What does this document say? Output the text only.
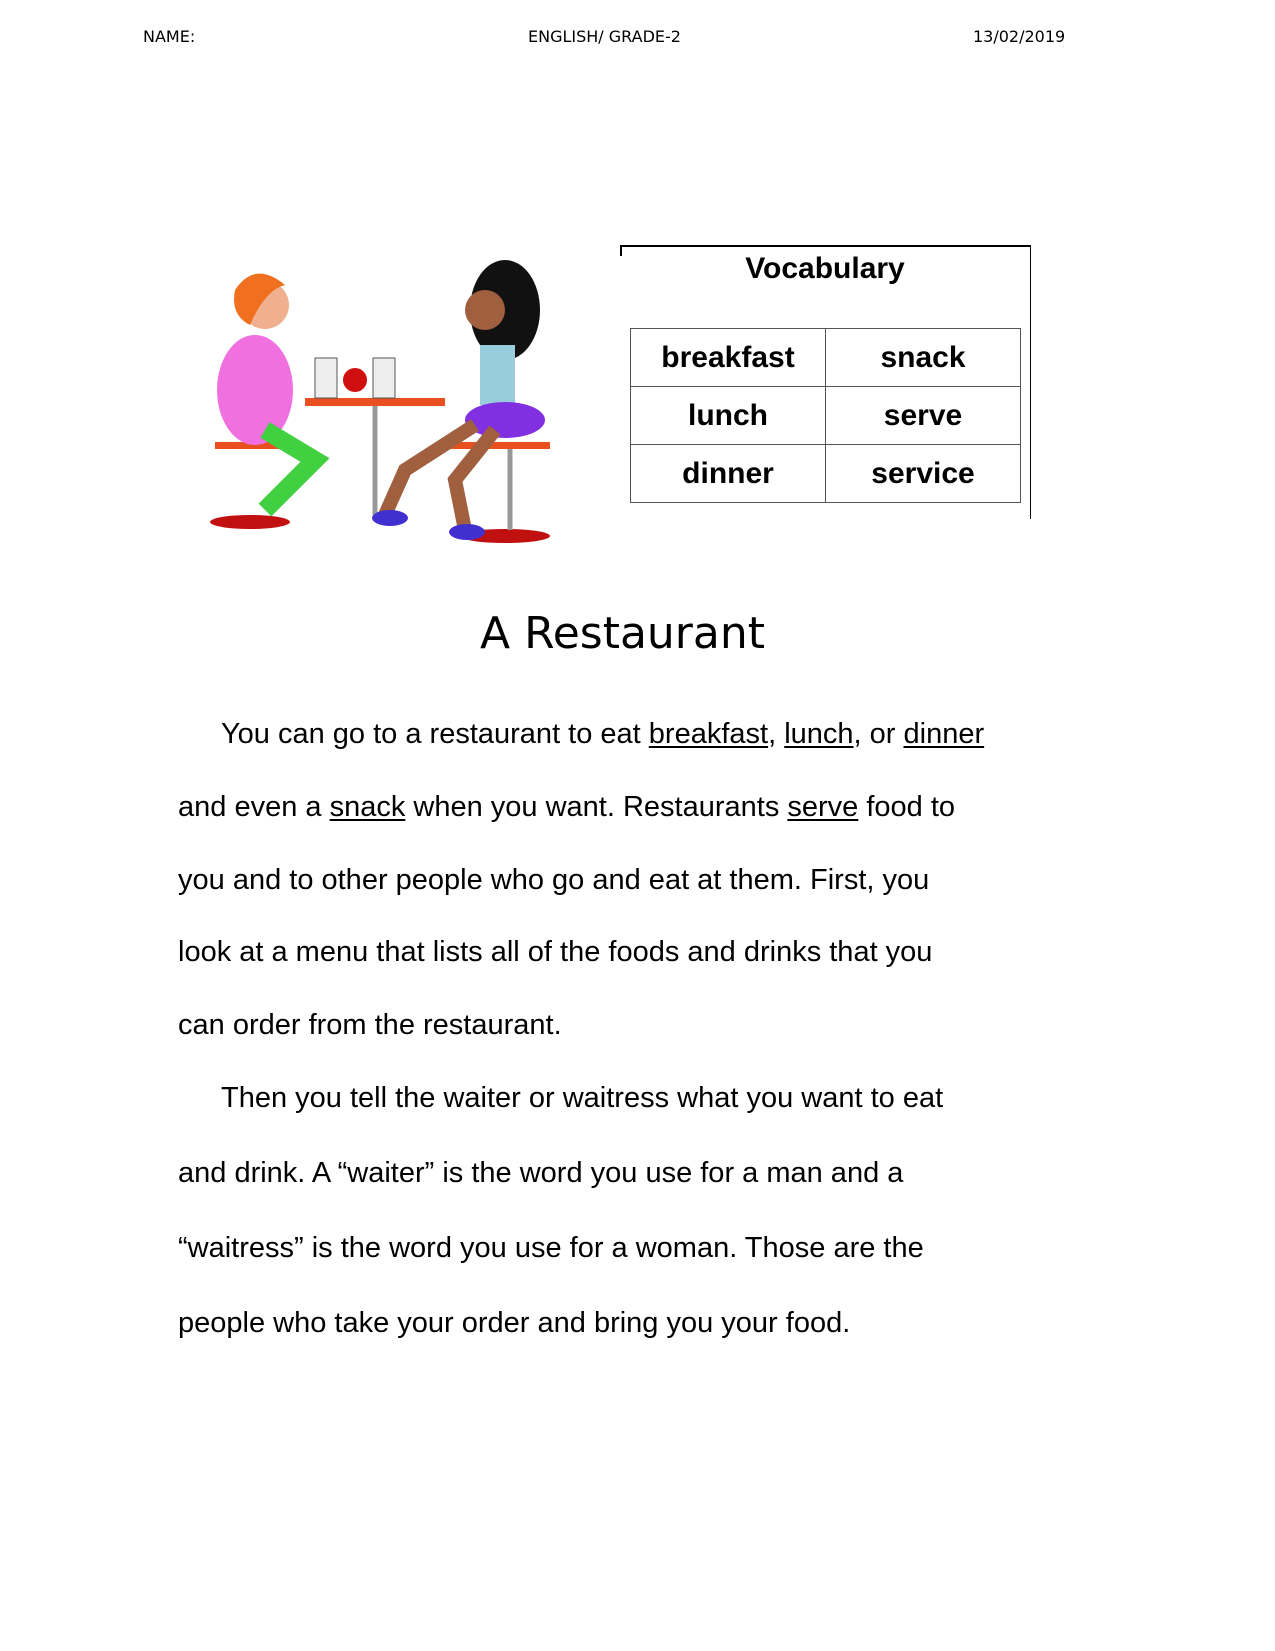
NAME:	ENGLISH/ GRADE-2	13/02/2019
Vocabulary
breakfast	snack
lunch	serve
dinner	service
A Restaurant
You can go to a restaurant to eat breakfast, lunch, or dinner
and even a snack when you want. Restaurants serve food to
you and to other people who go and eat at them. First, you
look at a menu that lists all of the foods and drinks that you
can order from the restaurant.
Then you tell the waiter or waitress what you want to eat
and drink. A “waiter” is the word you use for a man and a
“waitress” is the word you use for a woman. Those are the
people who take your order and bring you your food.
